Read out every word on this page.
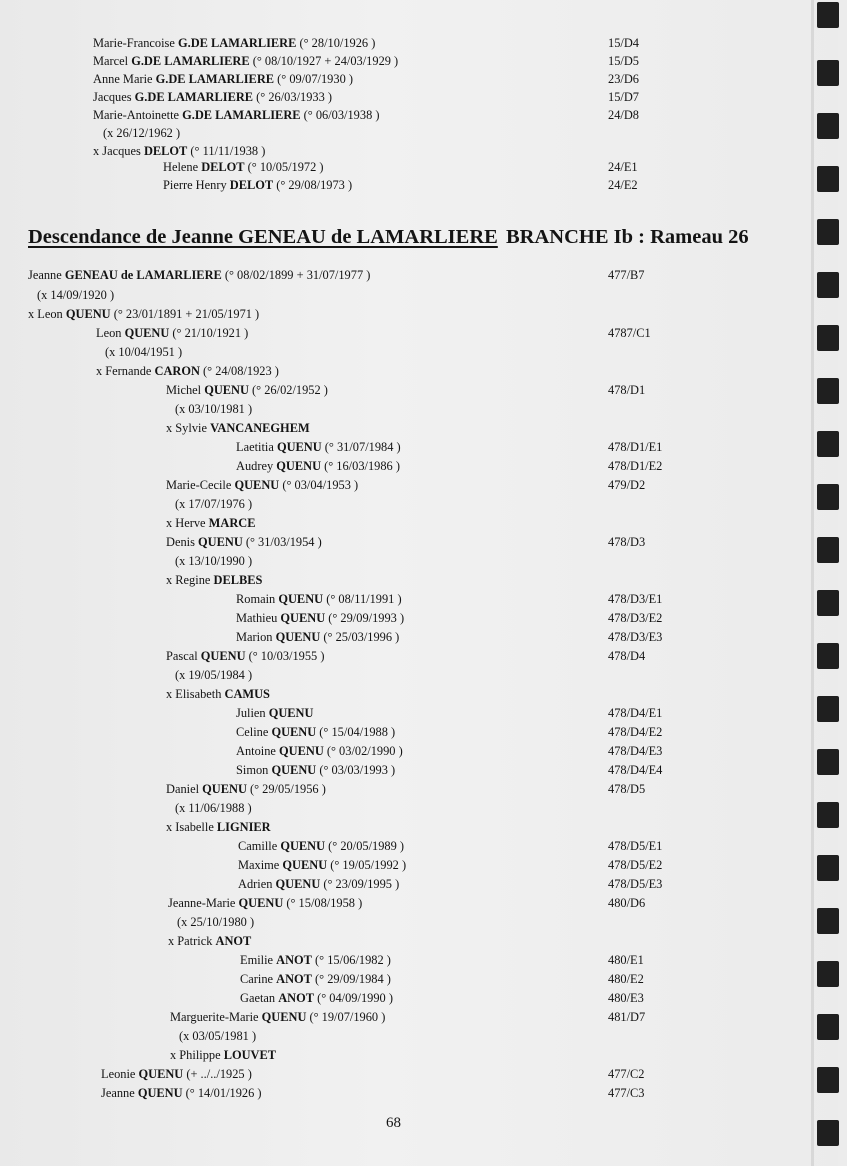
Marie-Francoise G.DE LAMARLIERE (° 28/10/1926 )	15/D4
Marcel G.DE LAMARLIERE (° 08/10/1927 + 24/03/1929 )	15/D5
Anne Marie G.DE LAMARLIERE (° 09/07/1930 )	23/D6
Jacques G.DE LAMARLIERE (° 26/03/1933 )	15/D7
Marie-Antoinette G.DE LAMARLIERE (° 06/03/1938 )	24/D8
(x 26/12/1962 )
x Jacques DELOT (° 11/11/1938 )
Helene DELOT (° 10/05/1972 )	24/E1
Pierre Henry DELOT (° 29/08/1973 )	24/E2
Descendance de Jeanne GENEAU de LAMARLIERE BRANCHE Ib : Rameau 26
Jeanne GENEAU de LAMARLIERE (° 08/02/1899 + 31/07/1977 )	477/B7
(x 14/09/1920 )
x Leon QUENU (° 23/01/1891 + 21/05/1971 )
Leon QUENU (° 21/10/1921 )	4787/C1
(x 10/04/1951 )
x Fernande CARON (° 24/08/1923 )
Michel QUENU (° 26/02/1952 )	478/D1
(x 03/10/1981 )
x Sylvie VANCANEGHEM
Laetitia QUENU (° 31/07/1984 )	478/D1/E1
Audrey QUENU (° 16/03/1986 )	478/D1/E2
Marie-Cecile QUENU (° 03/04/1953 )	479/D2
(x 17/07/1976 )
x Herve MARCE
Denis QUENU (° 31/03/1954 )	478/D3
(x 13/10/1990 )
x Regine DELBES
Romain QUENU (° 08/11/1991 )	478/D3/E1
Mathieu QUENU (° 29/09/1993 )	478/D3/E2
Marion QUENU (° 25/03/1996 )	478/D3/E3
Pascal QUENU (° 10/03/1955 )	478/D4
(x 19/05/1984 )
x Elisabeth CAMUS
Julien QUENU	478/D4/E1
Celine QUENU (° 15/04/1988 )	478/D4/E2
Antoine QUENU (° 03/02/1990 )	478/D4/E3
Simon QUENU (° 03/03/1993 )	478/D4/E4
Daniel QUENU (° 29/05/1956 )	478/D5
(x 11/06/1988 )
x Isabelle LIGNIER
Camille QUENU (° 20/05/1989 )	478/D5/E1
Maxime QUENU (° 19/05/1992 )	478/D5/E2
Adrien QUENU (° 23/09/1995 )	478/D5/E3
Jeanne-Marie QUENU (° 15/08/1958 )	480/D6
(x 25/10/1980 )
x Patrick ANOT
Emilie ANOT (° 15/06/1982 )	480/E1
Carine ANOT (° 29/09/1984 )	480/E2
Gaetan ANOT (° 04/09/1990 )	480/E3
Marguerite-Marie QUENU (° 19/07/1960 )	481/D7
(x 03/05/1981 )
x Philippe LOUVET
Leonie QUENU (+ ../../1925 )	477/C2
Jeanne QUENU (° 14/01/1926 )	477/C3
68
